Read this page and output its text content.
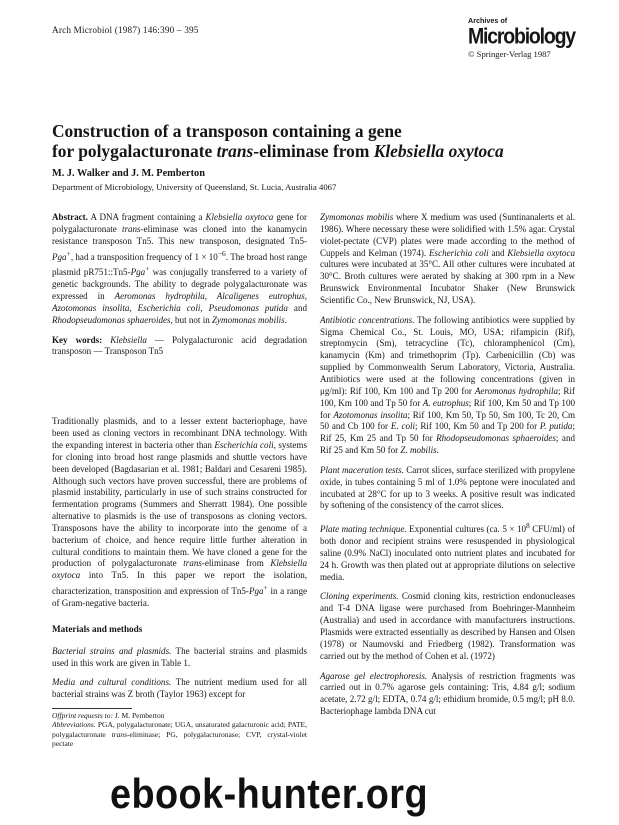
Arch Microbiol (1987) 146:390 – 395
Archives of
Microbiology
© Springer-Verlag 1987
Construction of a transposon containing a gene
for polygalacturonate trans-eliminase from Klebsiella oxytoca
M. J. Walker and J. M. Pemberton
Department of Microbiology, University of Queensland, St. Lucia, Australia 4067

Abstract. A DNA fragment containing a Klebsiella oxytoca gene for polygalacturonate trans-eliminase was cloned into the kanamycin resistance transposon Tn5. This new transposon, designated Tn5-Pga+, had a transposition frequency of $1 \times 10^{-6}$. The broad host range plasmid pR751::Tn5-Pga+ was conjugally transferred to a variety of genetic backgrounds. The ability to degrade polygalacturonate was expressed in Aeromonas hydrophila, Alcaligenes eutrophus, Azotomonas insolita, Escherichia coli, Pseudomonas putida and Rhodopseudomonas sphaeroides, but not in Zymomonas mobilis.

Key words: Klebsiella — Polygalacturonic acid degradation transposon — Transposon Tn5

Traditionally plasmids, and to a lesser extent bacteriophage, have been used as cloning vectors in recombinant DNA technology. With the expanding interest in bacteria other than Escherichia coli, systems for cloning into broad host range plasmids and shuttle vectors have been developed (Bagdasarian et al. 1981; Baldari and Cesareni 1985). Although such vectors have proven successful, there are problems of plasmid instability, particularly in use of such strains constructed for fermentation programs (Summers and Sherratt 1984). One possible alternative to plasmids is the use of transposons as cloning vectors. Transposons have the ability to incorporate into the genome of a bacterium of choice, and hence require little further alteration in cultural conditions to maintain them. We have cloned a gene for the production of polygalacturonate trans-eliminase from Klebsiella oxytoca into Tn5. In this paper we report the isolation, characterization, transposition and expression of Tn5-Pga+ in a range of Gram-negative bacteria.

Materials and methods

Bacterial strains and plasmids. The bacterial strains and plasmids used in this work are given in Table 1.

Media and cultural conditions. The nutrient medium used for all bacterial strains was Z broth (Taylor 1963) except for

Offprint requests to: J. M. Pemberton
Abbreviations. PGA, polygalacturonate; UGA, unsaturated galacturonic acid; PATE, polygalacturonate trans-eliminase; PG, polygalacturonase; CVP, crystal-violet pectate

Zymomonas mobilis where X medium was used (Suntinanalerts et al. 1986). Where necessary these were solidified with 1.5% agar. Crystal violet-pectate (CVP) plates were made according to the method of Cuppels and Kelman (1974). Escherichia coli and Klebsiella oxytoca cultures were incubated at 35°C. All other cultures were incubated at 30°C. Broth cultures were aerated by shaking at 300 rpm in a New Brunswick Environmental Incubator Shaker (New Brunswick Scientific Co., New Brunswick, NJ, USA).

Antibiotic concentrations. The following antibiotics were supplied by Sigma Chemical Co., St. Louis, MO, USA; rifampicin (Rif), streptomycin (Sm), tetracycline (Tc), chloramphenicol (Cm), kanamycin (Km) and trimethoprim (Tp). Carbenicillin (Cb) was supplied by Commonwealth Serum Laboratory, Victoria, Australia. Antibiotics were used at the following concentrations (given in μg/ml): Rif 100, Km 100 and Tp 200 for Aeromonas hydrophila; Rif 100, Km 100 and Tp 50 for A. eutrophus; Rif 100, Km 50 and Tp 100 for Azotomonas insolita; Rif 100, Km 50, Tp 50, Sm 100, Tc 20, Cm 50 and Cb 100 for E. coli; Rif 100, Km 50 and Tp 200 for P. putida; Rif 25, Km 25 and Tp 50 for Rhodopseudomonas sphaeroides; and Rif 25 and Km 50 for Z. mobilis.

Plant maceration tests. Carrot slices, surface sterilized with propylene oxide, in tubes containing 5 ml of 1.0% peptone were inoculated and incubated at 28°C for up to 3 weeks. A positive result was indicated by softening of the consistency of the carrot slices.

Plate mating technique. Exponential cultures (ca. $5 \times 10^8$ CFU/ml) of both donor and recipient strains were resuspended in physiological saline (0.9% NaCl) inoculated onto nutrient plates and incubated for 24 h. Growth was then plated out at appropriate dilutions on selective media.

Cloning experiments. Cosmid cloning kits, restriction endonucleases and T-4 DNA ligase were purchased from Boehringer-Mannheim (Australia) and used in accordance with manufacturers instructions. Plasmids were extracted essentially as described by Hansen and Olsen (1978) or Naumovski and Friedberg (1982). Transformation was carried out by the method of Cohen et al. (1972)

Agarose gel electrophoresis. Analysis of restriction fragments was carried out in 0.7% agarose gels containing: Tris, 4.84 g/l; sodium acetate, 2.72 g/l; EDTA, 0.74 g/l; ethidium bromide, 0.5 mg/l; pH 8.0. Bacteriophage lambda DNA cut

ebook-hunter.org
